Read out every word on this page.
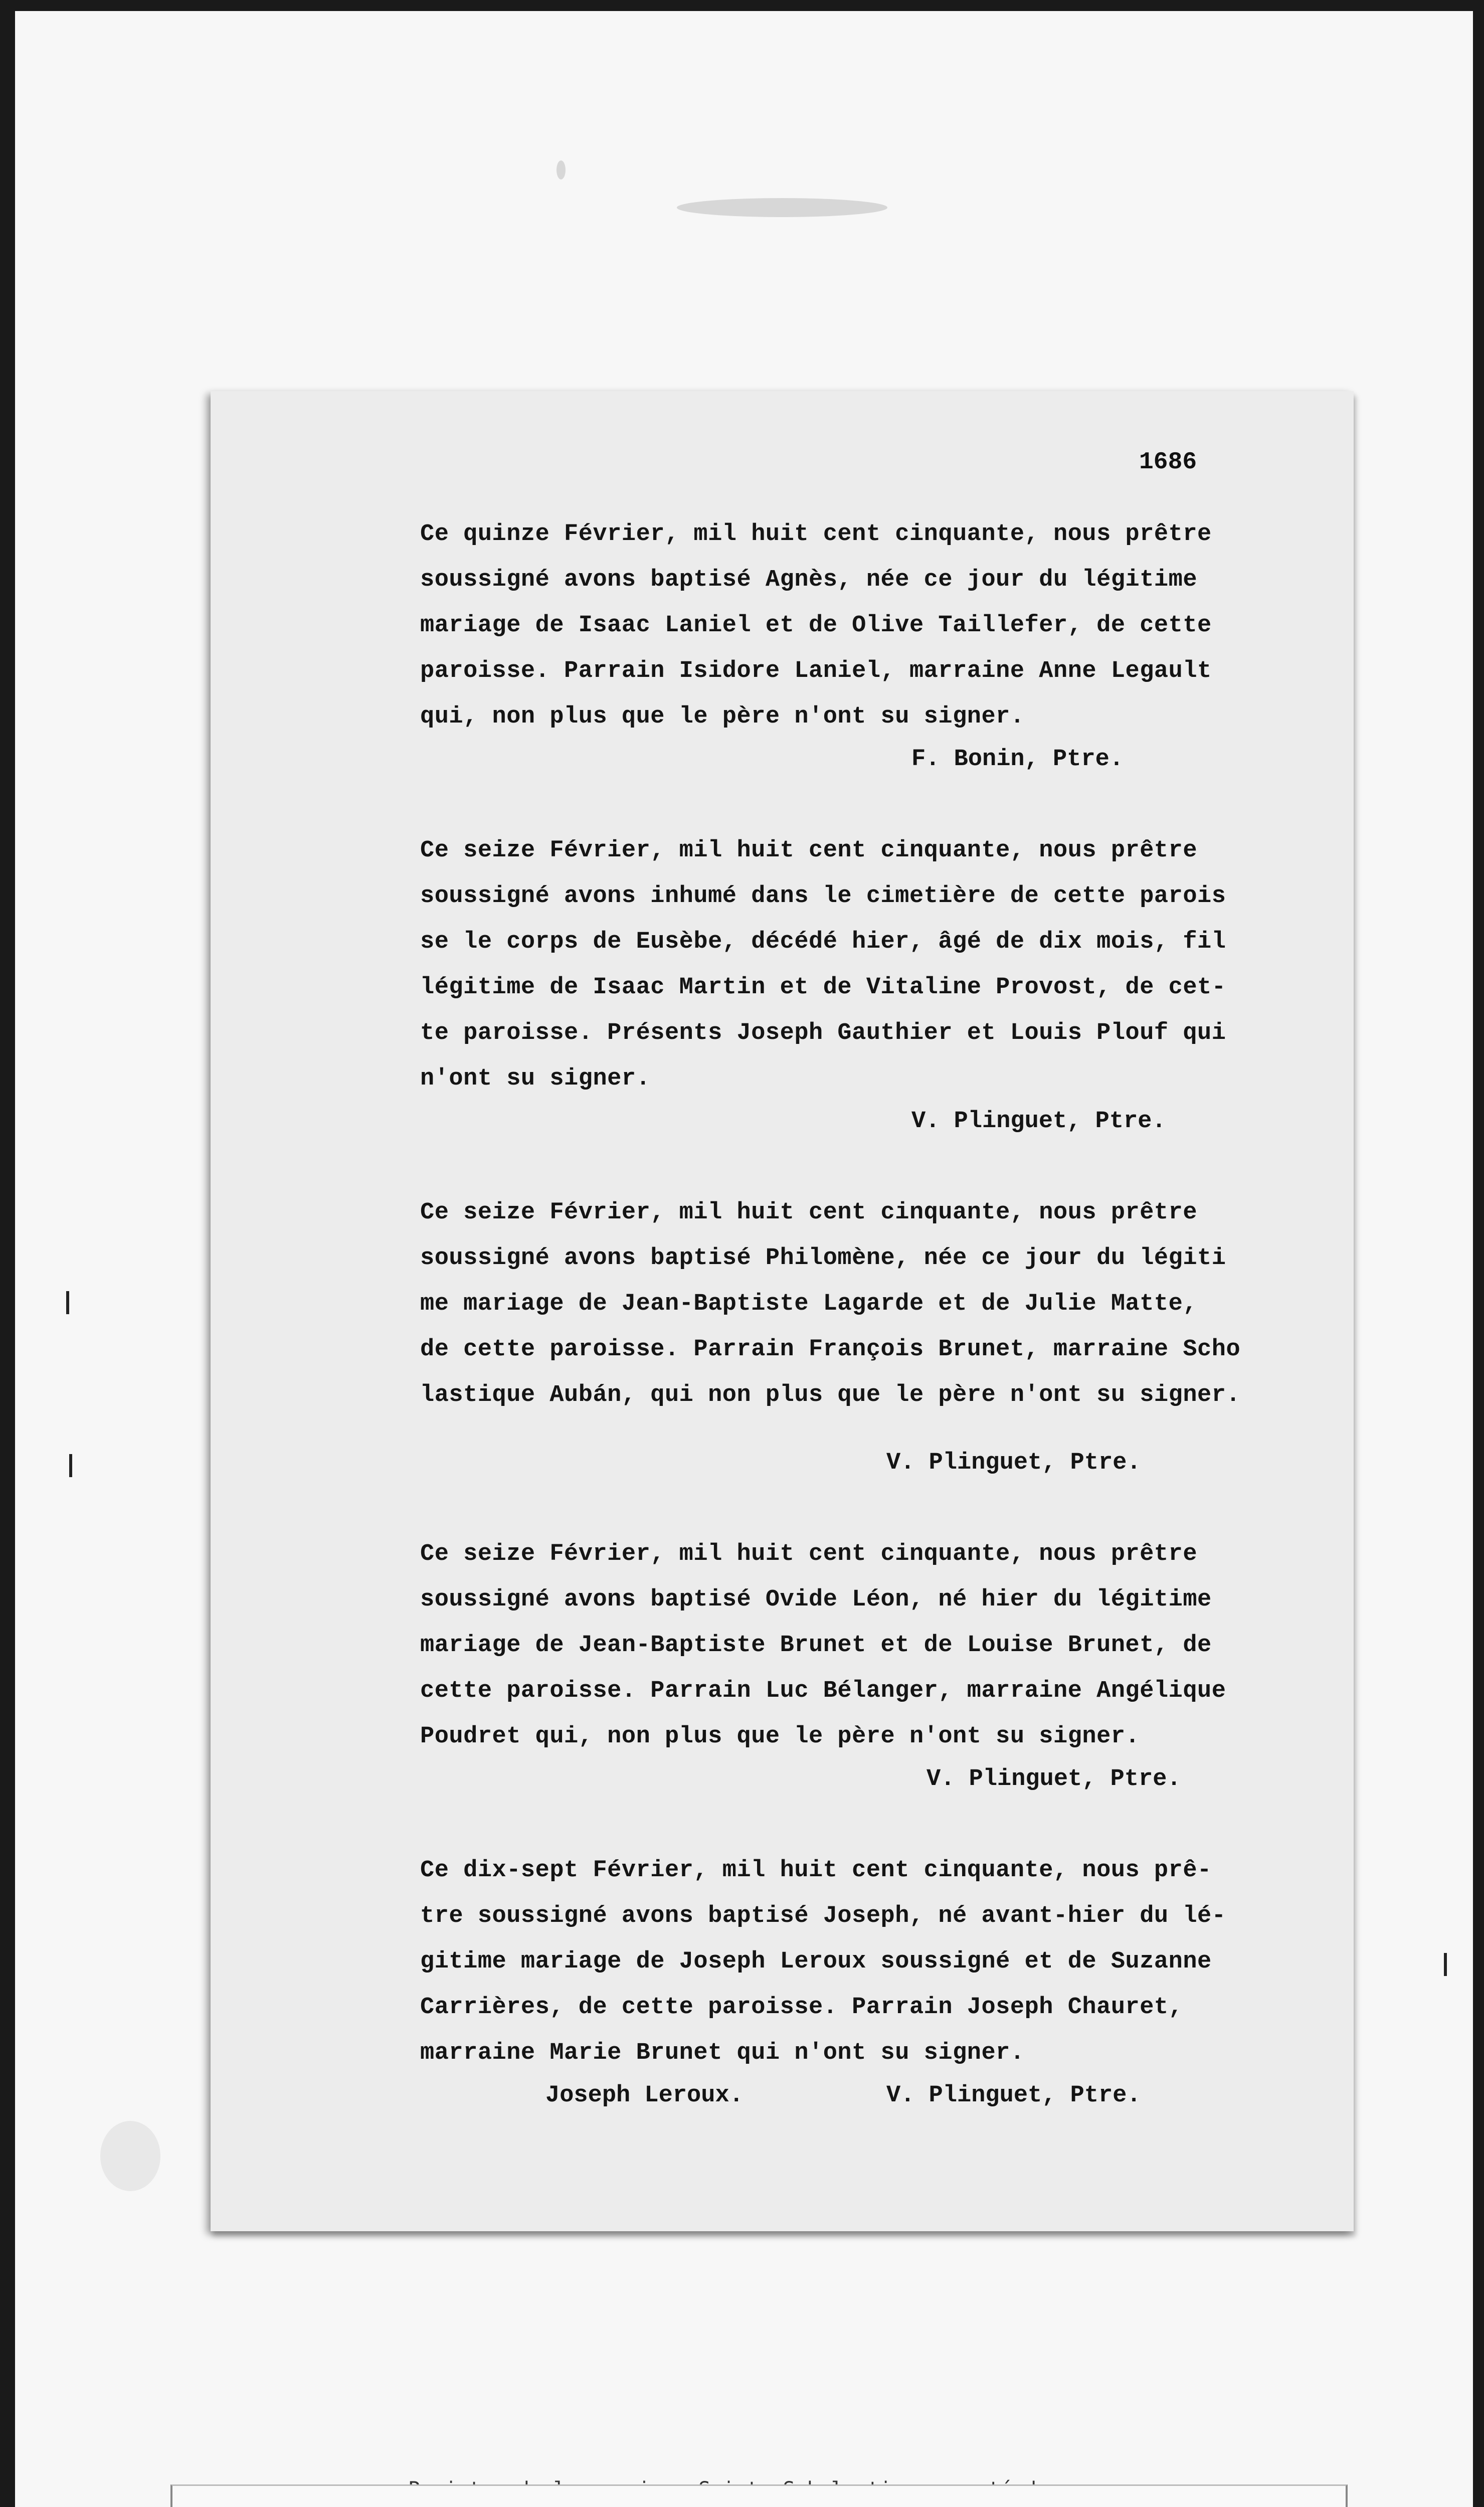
1686
Ce quinze Février, mil huit cent cinquante, nous prêtre
soussigné avons baptisé Agnès, née ce jour du légitime
mariage de Isaac Laniel et de Olive Taillefer, de cette
paroisse. Parrain Isidore Laniel, marraine Anne Legault
qui, non plus que le père n'ont su signer.
F. Bonin, Ptre.
Ce seize Février, mil huit cent cinquante, nous prêtre
soussigné avons inhumé dans le cimetière de cette parois
se le corps de Eusèbe, décédé hier, âgé de dix mois, fil
légitime de Isaac Martin et de Vitaline Provost, de cet-
te paroisse. Présents Joseph Gauthier et Louis Plouf qui
n'ont su signer.
V. Plinguet, Ptre.
Ce seize Février, mil huit cent cinquante, nous prêtre
soussigné avons baptisé Philomène, née ce jour du légiti
me mariage de Jean-Baptiste Lagarde et de Julie Matte,
de cette paroisse. Parrain François Brunet, marraine Scho
lastique Aubán, qui non plus que le père n'ont su signer.
V. Plinguet, Ptre.
Ce seize Février, mil huit cent cinquante, nous prêtre
soussigné avons baptisé Ovide Léon, né hier du légitime
mariage de Jean-Baptiste Brunet et de Louise Brunet, de
cette paroisse. Parrain Luc Bélanger, marraine Angélique
Poudret qui, non plus que le père n'ont su signer.
V. Plinguet, Ptre.
Ce dix-sept Février, mil huit cent cinquante, nous prê-
tre soussigné avons baptisé Joseph, né avant-hier du lé-
gitime mariage de Joseph Leroux soussigné et de Suzanne
Carrières, de cette paroisse. Parrain Joseph Chauret,
marraine Marie Brunet qui n'ont su signer.
Joseph Leroux.	V. Plinguet, Ptre.
